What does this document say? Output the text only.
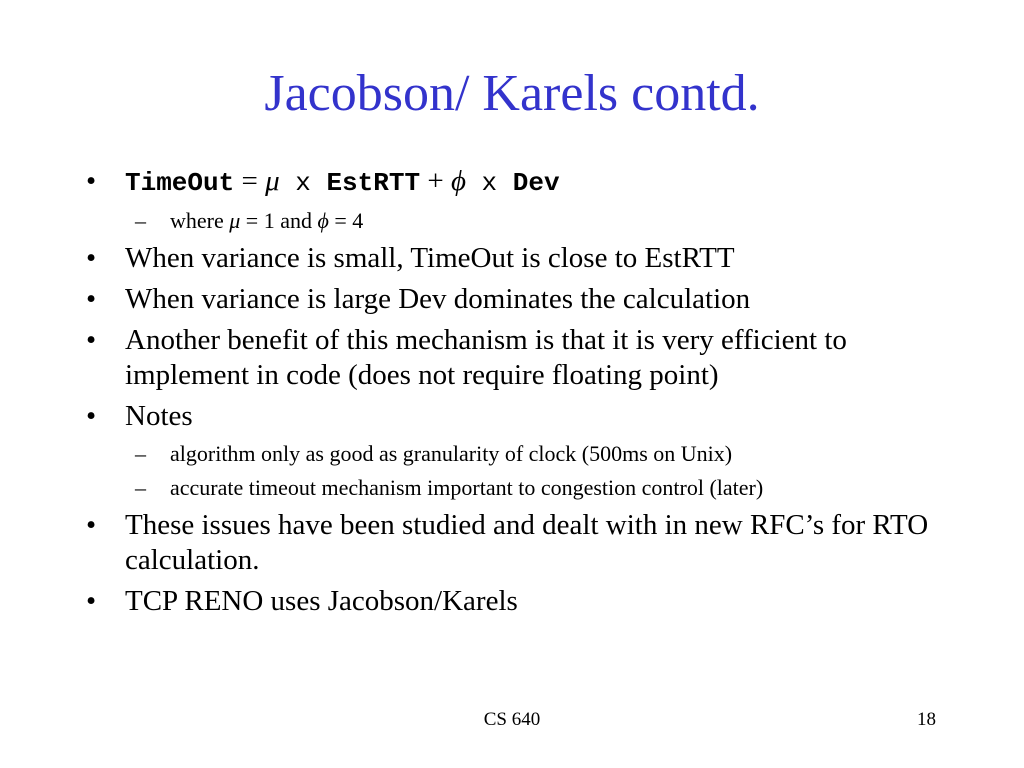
Jacobson/ Karels contd.
• TimeOut = μ x EstRTT + ϕ x Dev
– where μ = 1 and ϕ = 4
• When variance is small, TimeOut is close to EstRTT
• When variance is large Dev dominates the calculation
• Another benefit of this mechanism is that it is very efficient to implement in code (does not require floating point)
• Notes
– algorithm only as good as granularity of clock (500ms on Unix)
– accurate timeout mechanism important to congestion control (later)
• These issues have been studied and dealt with in new RFC’s for RTO calculation.
• TCP RENO uses Jacobson/Karels
CS 640	18
